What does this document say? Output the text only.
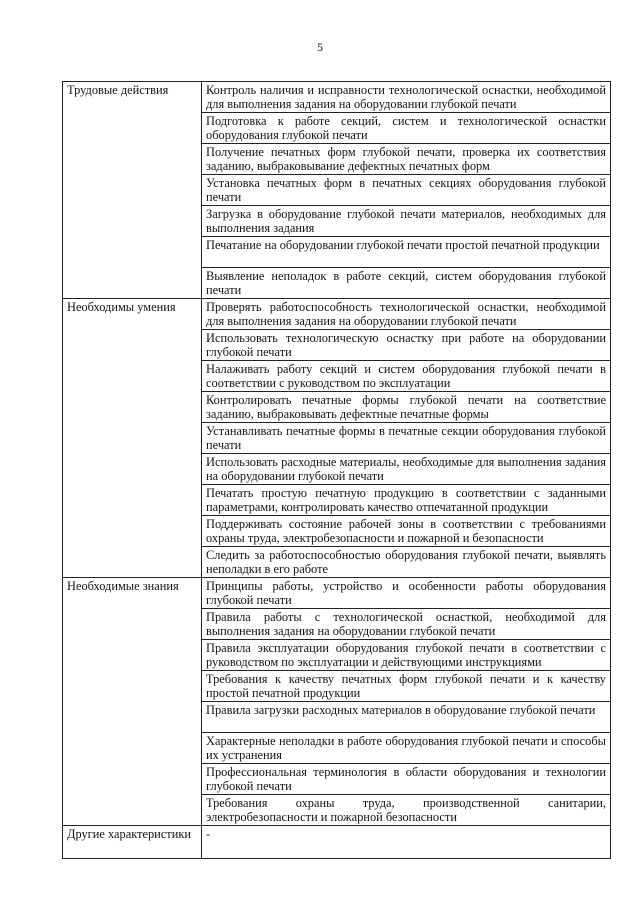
5
Трудовые действия	Контроль наличия и исправности технологической оснастки, необходимой для выполнения задания на оборудовании глубокой печати
	Подготовка к работе секций, систем и технологической оснастки оборудования глубокой печати
	Получение печатных форм глубокой печати, проверка их соответствия заданию, выбраковывание дефектных печатных форм
	Установка печатных форм в печатных секциях оборудования глубокой печати
	Загрузка в оборудование глубокой печати материалов, необходимых для выполнения задания
	Печатание на оборудовании глубокой печати простой печатной продукции
	Выявление неполадок в работе секций, систем оборудования глубокой печати
Необходимы умения	Проверять работоспособность технологической оснастки, необходимой для выполнения задания на оборудовании глубокой печати
	Использовать технологическую оснастку при работе на оборудовании глубокой печати
	Налаживать работу секций и систем оборудования глубокой печати в соответствии с руководством по эксплуатации
	Контролировать печатные формы глубокой печати на соответствие заданию, выбраковывать дефектные печатные формы
	Устанавливать печатные формы в печатные секции оборудования глубокой печати
	Использовать расходные материалы, необходимые для выполнения задания на оборудовании глубокой печати
	Печатать простую печатную продукцию в соответствии с заданными параметрами, контролировать качество отпечатанной продукции
	Поддерживать состояние рабочей зоны в соответствии с требованиями охраны труда, электробезопасности и пожарной и безопасности
	Следить за работоспособностью оборудования глубокой печати, выявлять неполадки в его работе
Необходимые знания	Принципы работы, устройство и особенности работы оборудования глубокой печати
	Правила работы с технологической оснасткой, необходимой для выполнения задания на оборудовании глубокой печати
	Правила эксплуатации оборудования глубокой печати в соответствии с руководством по эксплуатации и действующими инструкциями
	Требования к качеству печатных форм глубокой печати и к качеству простой печатной продукции
	Правила загрузки расходных материалов в оборудование глубокой печати
	Характерные неполадки в работе оборудования глубокой печати и способы их устранения
	Профессиональная терминология в области оборудования и технологии глубокой печати
	Требования охраны труда, производственной санитарии, электробезопасности и пожарной безопасности
Другие характеристики	-
